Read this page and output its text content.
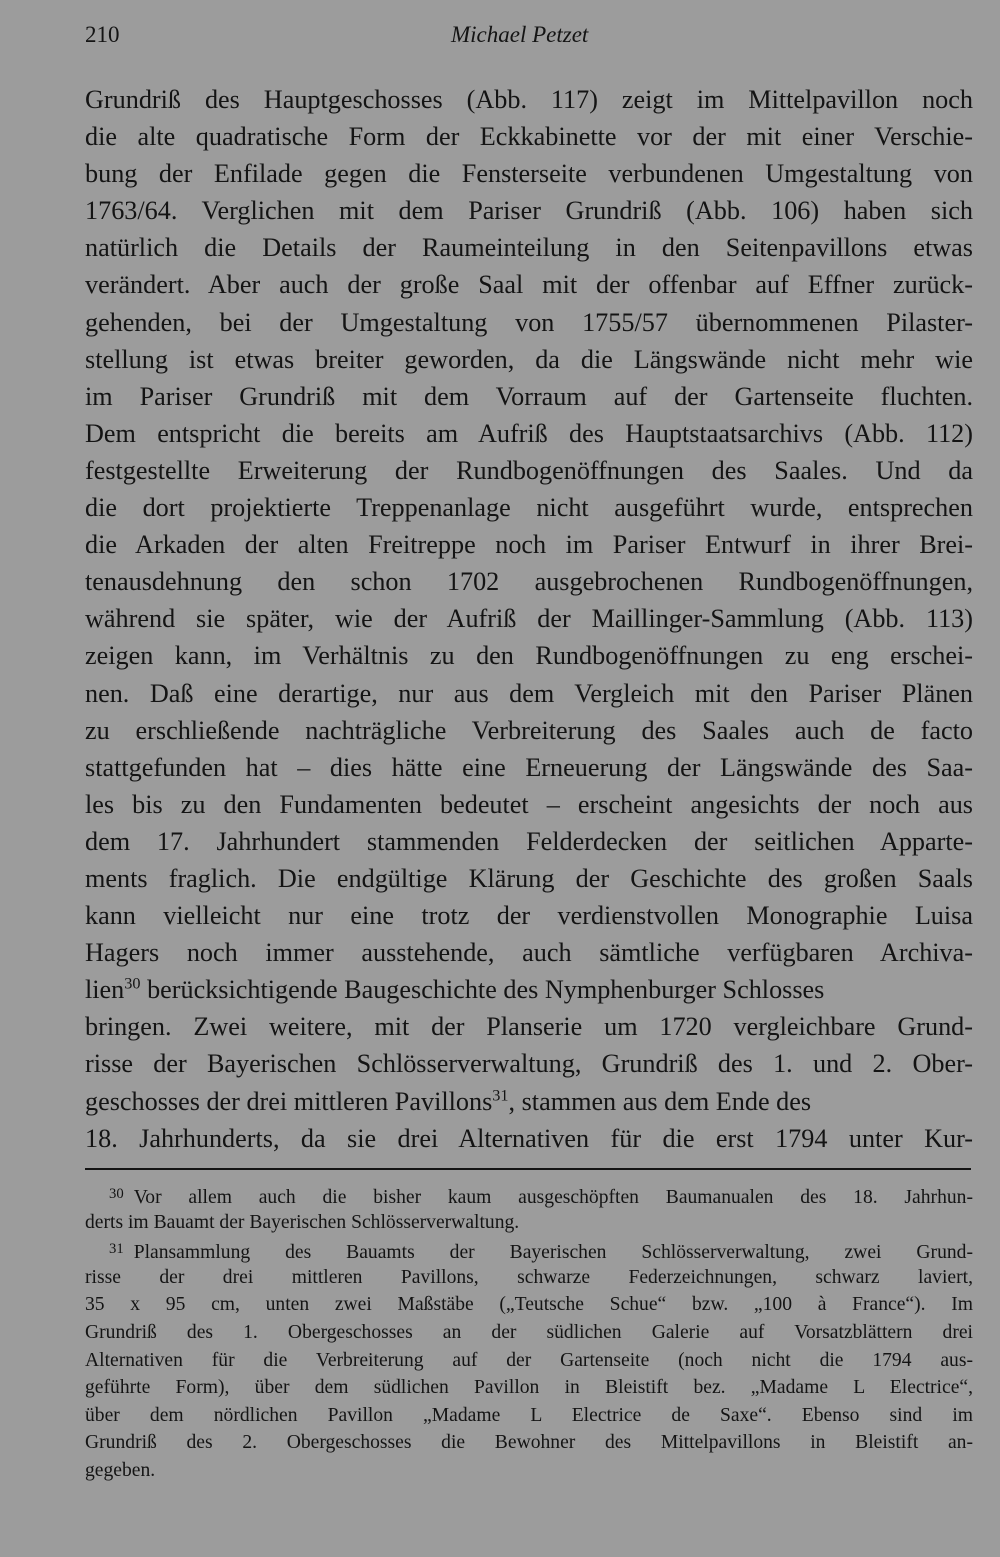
210	Michael Petzet
Grundriß des Hauptgeschosses (Abb. 117) zeigt im Mittelpavillon noch
die alte quadratische Form der Eckkabinette vor der mit einer Verschie-
bung der Enfilade gegen die Fensterseite verbundenen Umgestaltung von
1763/64. Verglichen mit dem Pariser Grundriß (Abb. 106) haben sich
natürlich die Details der Raumeinteilung in den Seitenpavillons etwas
verändert. Aber auch der große Saal mit der offenbar auf Effner zurück-
gehenden, bei der Umgestaltung von 1755/57 übernommenen Pilaster-
stellung ist etwas breiter geworden, da die Längswände nicht mehr wie
im Pariser Grundriß mit dem Vorraum auf der Gartenseite fluchten.
Dem entspricht die bereits am Aufriß des Hauptstaatsarchivs (Abb. 112)
festgestellte Erweiterung der Rundbogenöffnungen des Saales. Und da
die dort projektierte Treppenanlage nicht ausgeführt wurde, entsprechen
die Arkaden der alten Freitreppe noch im Pariser Entwurf in ihrer Brei-
tenausdehnung den schon 1702 ausgebrochenen Rundbogenöffnungen,
während sie später, wie der Aufriß der Maillinger-Sammlung (Abb. 113)
zeigen kann, im Verhältnis zu den Rundbogenöffnungen zu eng erschei-
nen. Daß eine derartige, nur aus dem Vergleich mit den Pariser Plänen
zu erschließende nachträgliche Verbreiterung des Saales auch de facto
stattgefunden hat – dies hätte eine Erneuerung der Längswände des Saa-
les bis zu den Fundamenten bedeutet – erscheint angesichts der noch aus
dem 17. Jahrhundert stammenden Felderdecken der seitlichen Apparte-
ments fraglich. Die endgültige Klärung der Geschichte des großen Saals
kann vielleicht nur eine trotz der verdienstvollen Monographie Luisa
Hagers noch immer ausstehende, auch sämtliche verfügbaren Archiva-
lien$^{30}$ berücksichtigende Baugeschichte des Nymphenburger Schlosses
bringen. Zwei weitere, mit der Planserie um 1720 vergleichbare Grund-
risse der Bayerischen Schlösserverwaltung, Grundriß des 1. und 2. Ober-
geschosses der drei mittleren Pavillons$^{31}$, stammen aus dem Ende des
18. Jahrhunderts, da sie drei Alternativen für die erst 1794 unter Kur-
$^{30}$ Vor allem auch die bisher kaum ausgeschöpften Baumanualen des 18. Jahrhun-
derts im Bauamt der Bayerischen Schlösserverwaltung.
$^{31}$ Plansammlung des Bauamts der Bayerischen Schlösserverwaltung, zwei Grund-
risse der drei mittleren Pavillons, schwarze Federzeichnungen, schwarz laviert,
35 x 95 cm, unten zwei Maßstäbe („Teutsche Schue“ bzw. „100 à France“). Im
Grundriß des 1. Obergeschosses an der südlichen Galerie auf Vorsatzblättern drei
Alternativen für die Verbreiterung auf der Gartenseite (noch nicht die 1794 aus-
geführte Form), über dem südlichen Pavillon in Bleistift bez. „Madame L Electrice“,
über dem nördlichen Pavillon „Madame L Electrice de Saxe“. Ebenso sind im
Grundriß des 2. Obergeschosses die Bewohner des Mittelpavillons in Bleistift an-
gegeben.
